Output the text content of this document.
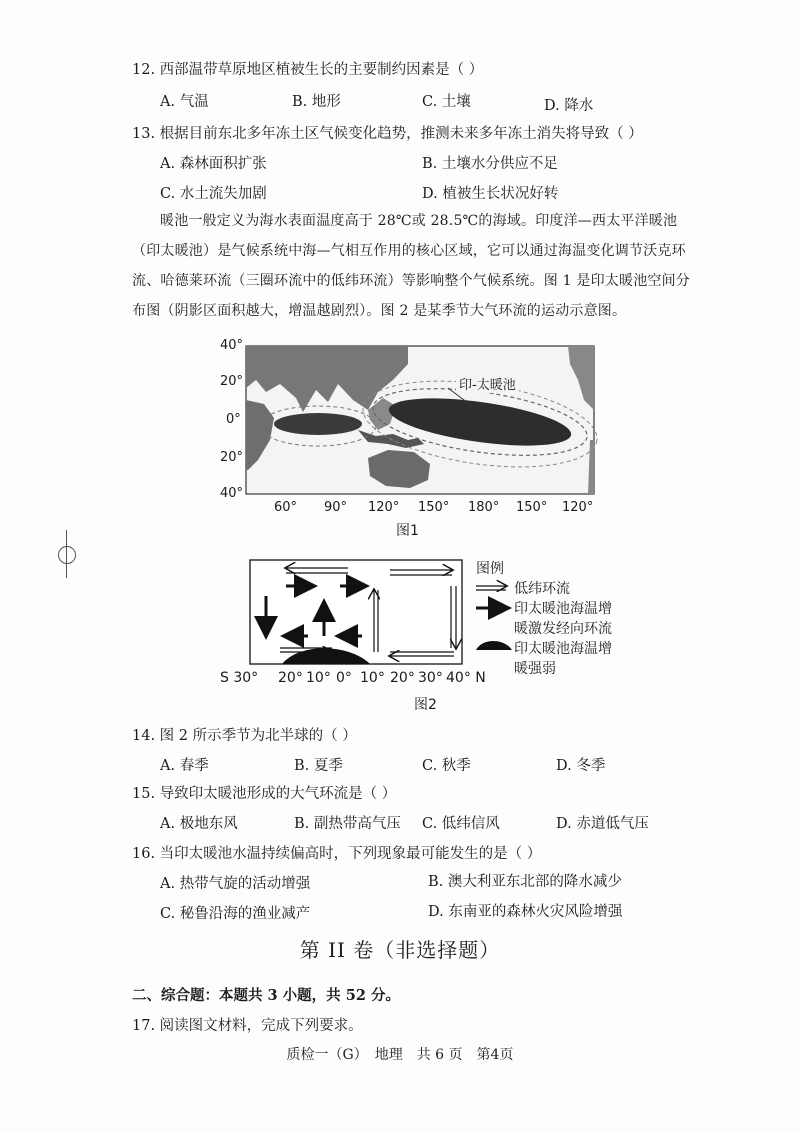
12. 西部温带草原地区植被生长的主要制约因素是（ ）
A. 气温	B. 地形	C. 土壤	D. 降水
13. 根据目前东北多年冻土区气候变化趋势，推测未来多年冻土消失将导致（ ）
A. 森林面积扩张	B. 土壤水分供应不足
C. 水土流失加剧	D. 植被生长状况好转
暖池一般定义为海水表面温度高于 28℃或 28.5℃的海域。印度洋—西太平洋暖池（印太暖池）是气候系统中海—气相互作用的核心区域，它可以通过海温变化调节沃克环流、哈德莱环流（三圈环流中的低纬环流）等影响整个气候系统。图 1 是印太暖池空间分布图（阴影区面积越大，增温越剧烈）。图 2 是某季节大气环流的运动示意图。
印-太暖池
40°
20°
0°
20°
40°
60° 90° 120° 150° 180° 150° 120°
图1
图例
低纬环流
印太暖池海温增
暖激发经向环流
印太暖池海温增
暖强弱
S 30° 20° 10° 0° 10° 20° 30° 40° N
图2
14. 图 2 所示季节为北半球的（ ）
A. 春季	B. 夏季	C. 秋季	D. 冬季
15. 导致印太暖池形成的大气环流是（ ）
A. 极地东风	B. 副热带高气压 C. 低纬信风	D. 赤道低气压
16. 当印太暖池水温持续偏高时，下列现象最可能发生的是（ ）
A. 热带气旋的活动增强	B. 澳大利亚东北部的降水减少
C. 秘鲁沿海的渔业减产	D. 东南亚的森林火灾风险增强
第 II 卷（非选择题）
二、综合题：本题共 3 小题，共 52 分。
17. 阅读图文材料，完成下列要求。
质检一（G）　地理　共 6 页　第4页
